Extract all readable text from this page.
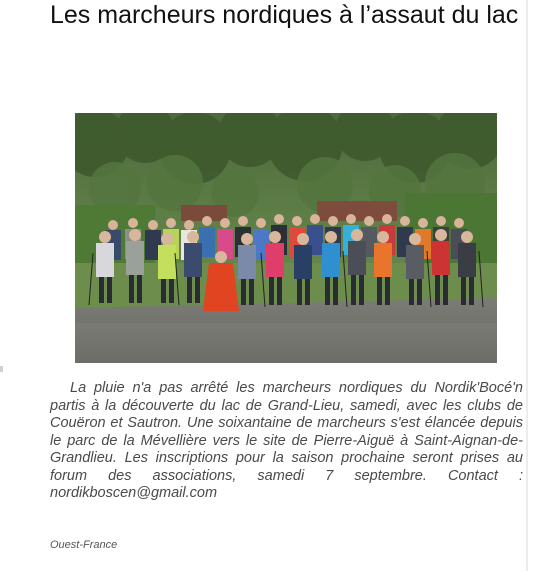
Les marcheurs nordiques à l’assaut du lac

La pluie n'a pas arrêté les marcheurs nordiques du Nordik'Bocé'n partis à la découverte du lac de Grand-Lieu, samedi, avec les clubs de Couëron et Sautron. Une soixantaine de marcheurs s'est élancée depuis le parc de la Mévellière vers le site de Pierre-Aiguë à Saint-Aignan-de-Grandlieu. Les inscriptions pour la saison prochaine seront prises au forum des associations, samedi 7 septembre. Contact : nordikboscen@gmail.com

Ouest-France
